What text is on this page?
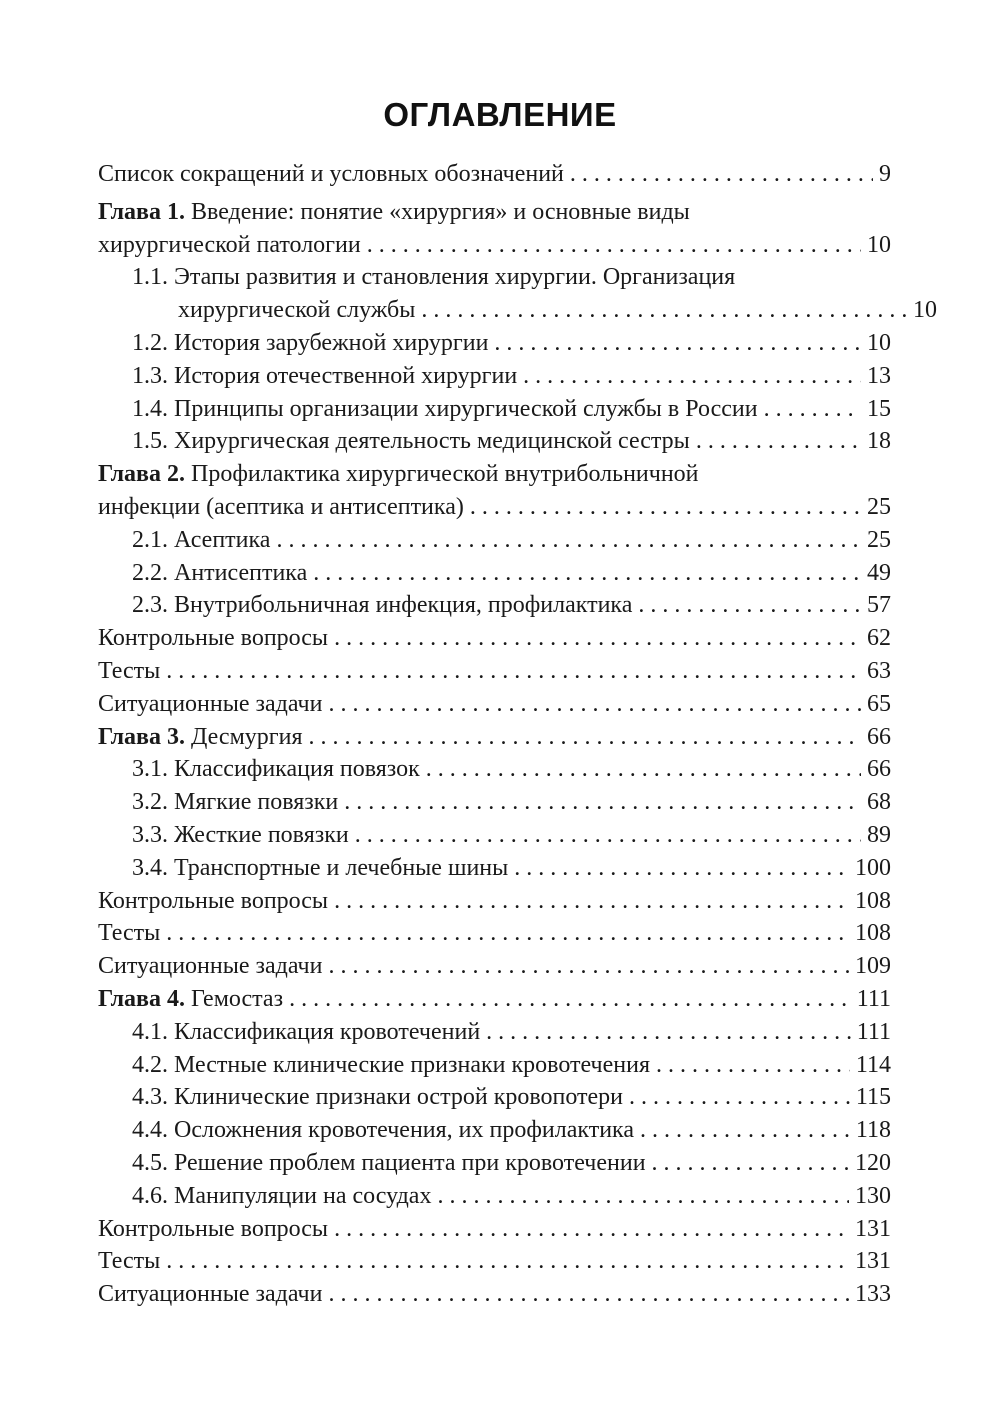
ОГЛАВЛЕНИЕ
Список сокращений и условных обозначений . . .	9
Глава 1. Введение: понятие «хирургия» и основные виды
хирургической патологии . . .	10
1.1. Этапы развития и становления хирургии. Организация
хирургической службы . . .	10
1.2. История зарубежной хирургии . . .	10
1.3. История отечественной хирургии . . .	13
1.4. Принципы организации хирургической службы в России . . .	15
1.5. Хирургическая деятельность медицинской сестры . . .	18
Глава 2. Профилактика хирургической внутрибольничной
инфекции (асептика и антисептика) . . .	25
2.1. Асептика . . .	25
2.2. Антисептика . . .	49
2.3. Внутрибольничная инфекция, профилактика . . .	57
Контрольные вопросы . . .	62
Тесты . . .	63
Ситуационные задачи . . .	65
Глава 3. Десмургия . . .	66
3.1. Классификация повязок . . .	66
3.2. Мягкие повязки . . .	68
3.3. Жесткие повязки . . .	89
3.4. Транспортные и лечебные шины . . .	100
Контрольные вопросы . . .	108
Тесты . . .	108
Ситуационные задачи . . .	109
Глава 4. Гемостаз . . .	111
4.1. Классификация кровотечений . . .	111
4.2. Местные клинические признаки кровотечения . . .	114
4.3. Клинические признаки острой кровопотери . . .	115
4.4. Осложнения кровотечения, их профилактика . . .	118
4.5. Решение проблем пациента при кровотечении . . .	120
4.6. Манипуляции на сосудах . . .	130
Контрольные вопросы . . .	131
Тесты . . .	131
Ситуационные задачи . . .	133
